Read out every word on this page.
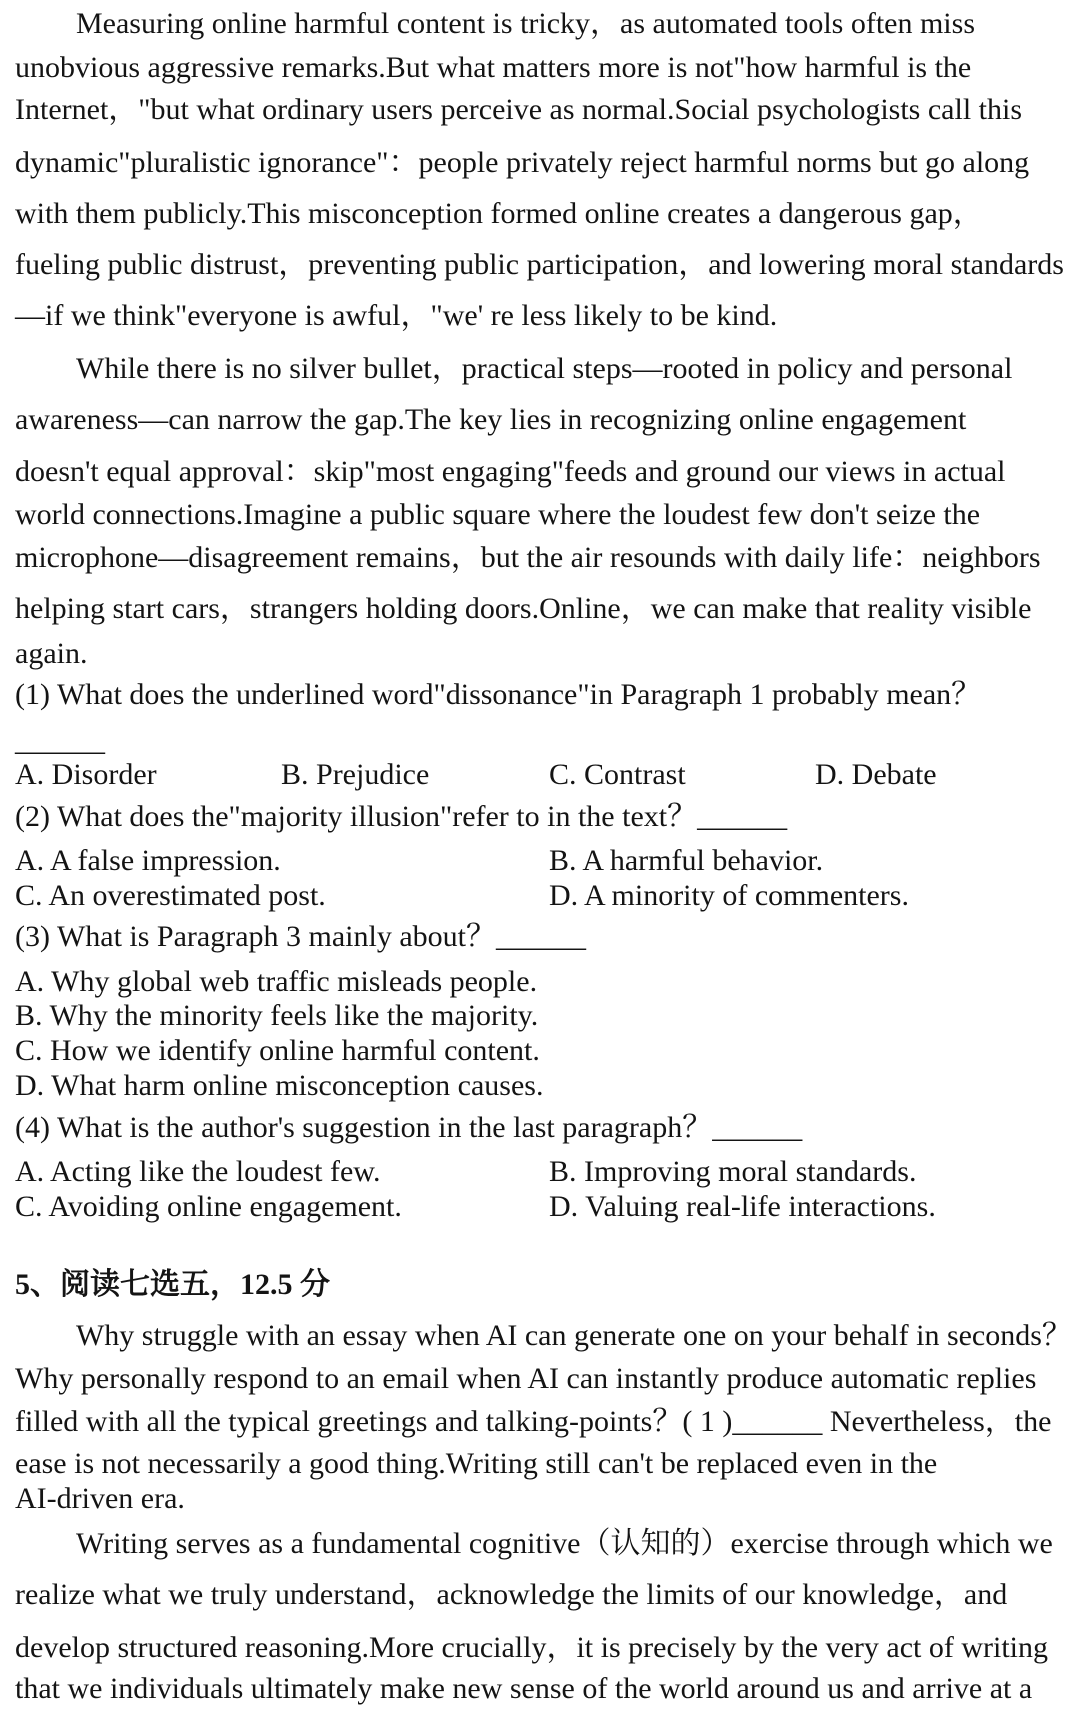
Measuring online harmful content is tricky，as automated tools often miss
unobvious aggressive remarks.But what matters more is not"how harmful is the
Internet，"but what ordinary users perceive as normal.Social psychologists call this
dynamic"pluralistic ignorance"：people privately reject harmful norms but go along
with them publicly.This misconception formed online creates a dangerous gap，
fueling public distrust，preventing public participation，and lowering moral standards
—if we think"everyone is awful，"we' re less likely to be kind.
While there is no silver bullet，practical steps—rooted in policy and personal
awareness—can narrow the gap.The key lies in recognizing online engagement
doesn't equal approval：skip"most engaging"feeds and ground our views in actual
world connections.Imagine a public square where the loudest few don't seize the
microphone—disagreement remains，but the air resounds with daily life：neighbors
helping start cars，strangers holding doors.Online，we can make that reality visible
again.
(1) What does the underlined word"dissonance"in Paragraph 1 probably mean？
______
A. Disorder	B. Prejudice	C. Contrast	D. Debate
(2) What does the"majority illusion"refer to in the text？______
A. A false impression.	B. A harmful behavior.
C. An overestimated post.	D. A minority of commenters.
(3) What is Paragraph 3 mainly about？______
A. Why global web traffic misleads people.
B. Why the minority feels like the majority.
C. How we identify online harmful content.
D. What harm online misconception causes.
(4) What is the author's suggestion in the last paragraph？______
A. Acting like the loudest few.	B. Improving moral standards.
C. Avoiding online engagement.	D. Valuing real-life interactions.
5、阅读七选五，12.5 分
Why struggle with an essay when AI can generate one on your behalf in seconds？
Why personally respond to an email when AI can instantly produce automatic replies
filled with all the typical greetings and talking-points？( 1 )______ Nevertheless，the
ease is not necessarily a good thing.Writing still can't be replaced even in the
AI-driven era.
Writing serves as a fundamental cognitive（认知的）exercise through which we
realize what we truly understand，acknowledge the limits of our knowledge，and
develop structured reasoning.More crucially，it is precisely by the very act of writing
that we individuals ultimately make new sense of the world around us and arrive at a
